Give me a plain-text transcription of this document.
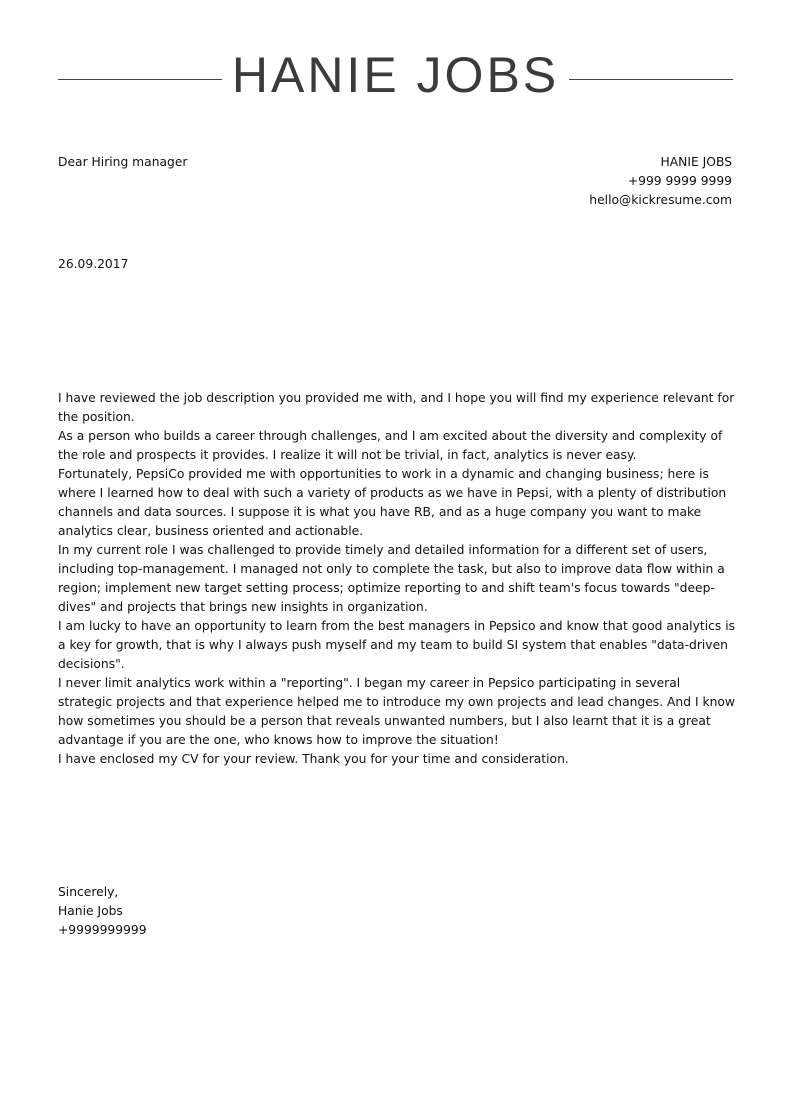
HANIE JOBS
Dear Hiring manager	HANIE JOBS
+999 9999 9999
hello@kickresume.com
26.09.2017

I have reviewed the job description you provided me with, and I hope you will find my experience relevant for the position.

As a person who builds a career through challenges, and I am excited about the diversity and complexity of the role and prospects it provides. I realize it will not be trivial, in fact, analytics is never easy.

Fortunately, PepsiCo provided me with opportunities to work in a dynamic and changing business; here is where I learned how to deal with such a variety of products as we have in Pepsi, with a plenty of distribution channels and data sources. I suppose it is what you have RB, and as a huge company you want to make analytics clear, business oriented and actionable.

In my current role I was challenged to provide timely and detailed information for a different set of users, including top-management. I managed not only to complete the task, but also to improve data flow within a region; implement new target setting process; optimize reporting to and shift team's focus towards "deep-dives" and projects that brings new insights in organization.

I am lucky to have an opportunity to learn from the best managers in Pepsico and know that good analytics is a key for growth, that is why I always push myself and my team to build SI system that enables "data-driven decisions".

I never limit analytics work within a "reporting". I began my career in Pepsico participating in several strategic projects and that experience helped me to introduce my own projects and lead changes. And I know how sometimes you should be a person that reveals unwanted numbers, but I also learnt that it is a great advantage if you are the one, who knows how to improve the situation!

I have enclosed my CV for your review. Thank you for your time and consideration.
Sincerely,
Hanie Jobs
+9999999999
